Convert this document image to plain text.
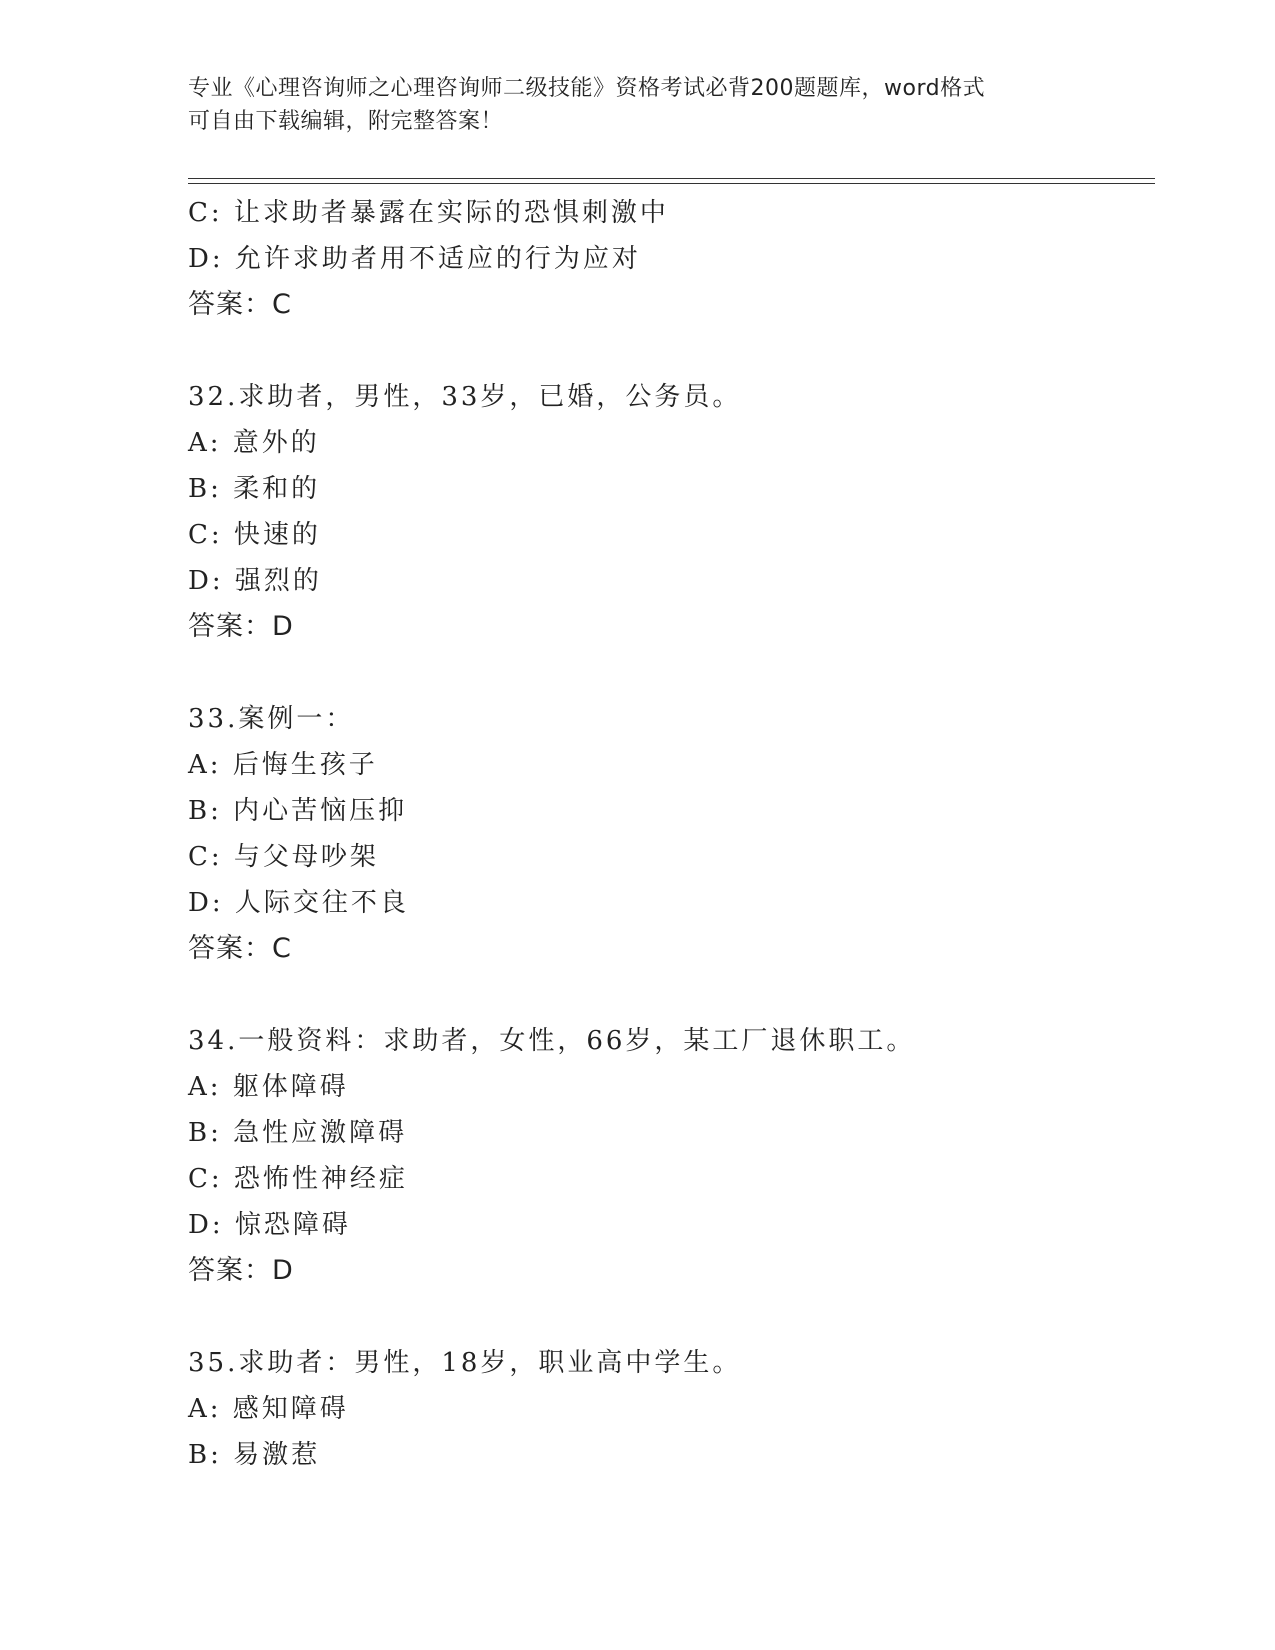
专业《心理咨询师之心理咨询师二级技能》资格考试必背200题题库，word格式
可自由下载编辑，附完整答案！
C: 让求助者暴露在实际的恐惧刺激中
D: 允许求助者用不适应的行为应对
答案：C
32.求助者，男性，33岁，已婚，公务员。
A: 意外的
B: 柔和的
C: 快速的
D: 强烈的
答案：D
33.案例一：
A: 后悔生孩子
B: 内心苦恼压抑
C: 与父母吵架
D: 人际交往不良
答案：C
34.一般资料：求助者，女性，66岁，某工厂退休职工。
A: 躯体障碍
B: 急性应激障碍
C: 恐怖性神经症
D: 惊恐障碍
答案：D
35.求助者：男性，18岁，职业高中学生。
A: 感知障碍
B: 易激惹
